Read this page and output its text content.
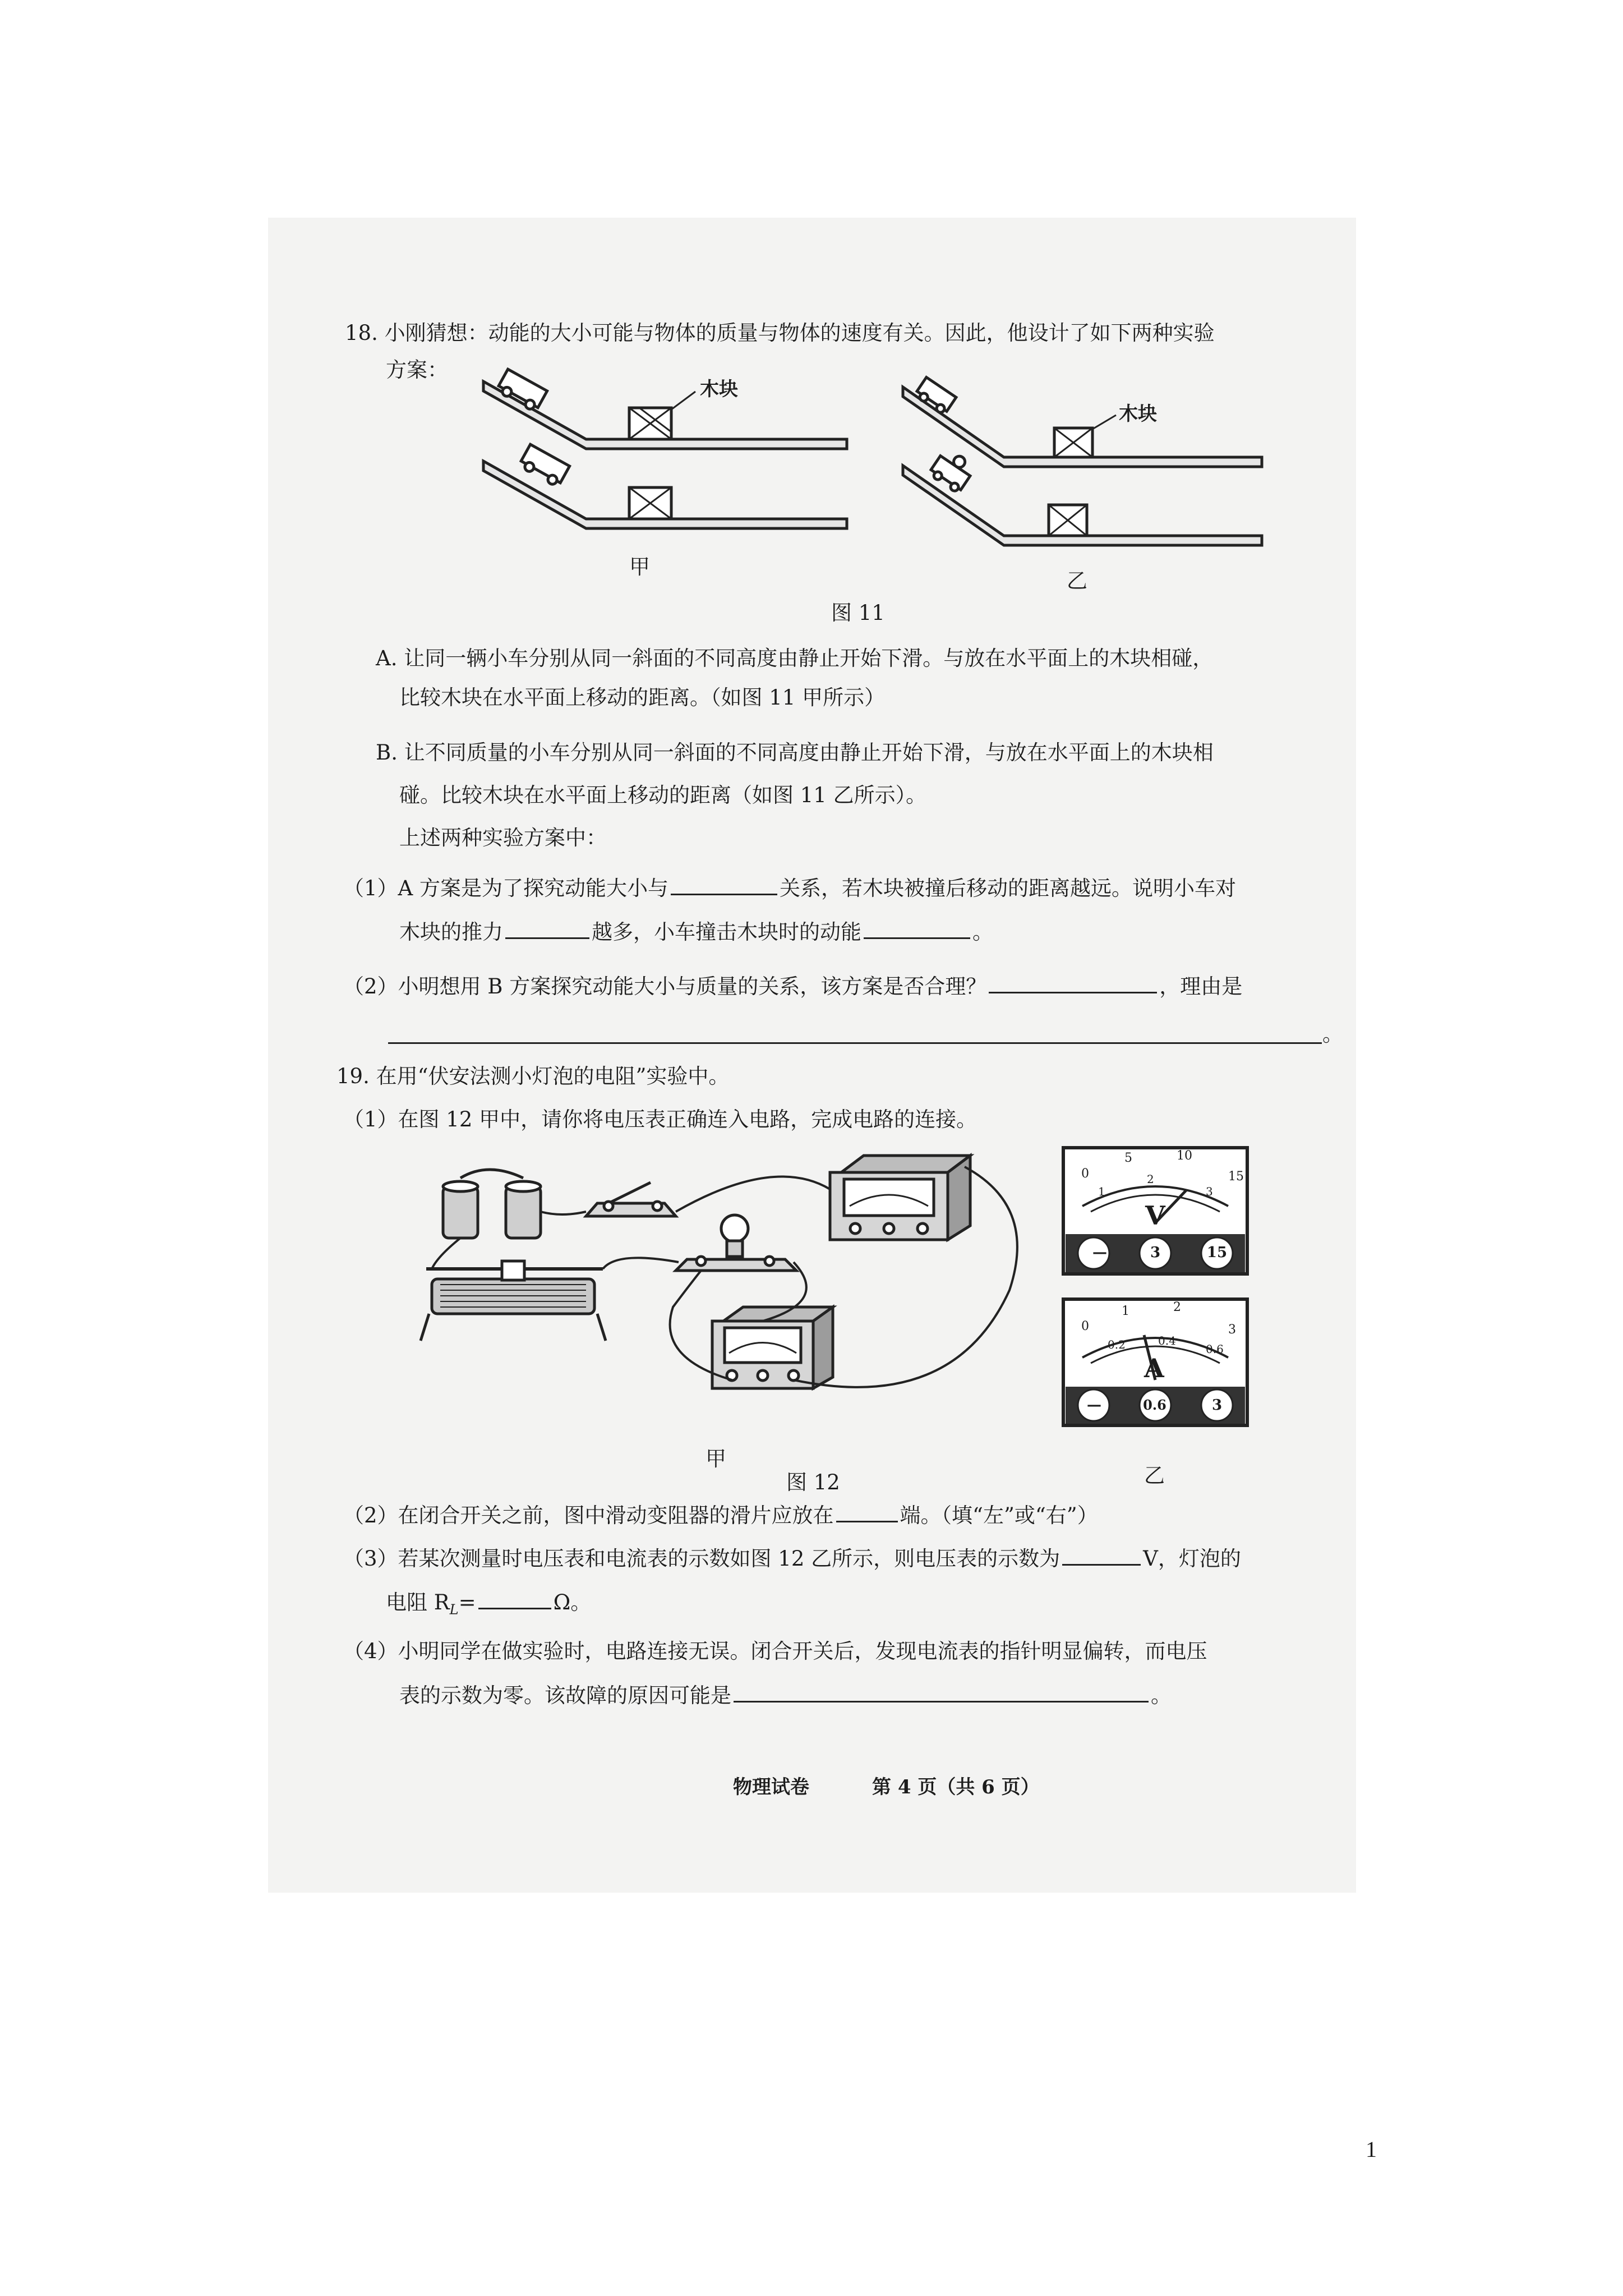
18. 小刚猜想：动能的大小可能与物体的质量与物体的速度有关。因此，他设计了如下两种实验
方案：
木块
木块
甲
乙
图 11
A. 让同一辆小车分别从同一斜面的不同高度由静止开始下滑。与放在水平面上的木块相碰，
比较木块在水平面上移动的距离。（如图 11 甲所示）
B. 让不同质量的小车分别从同一斜面的不同高度由静止开始下滑，与放在水平面上的木块相
碰。比较木块在水平面上移动的距离（如图 11 乙所示）。
上述两种实验方案中：
（1）A 方案是为了探究动能大小与	关系，若木块被撞后移动的距离越远。说明小车对
木块的推力	越多，小车撞击木块时的动能	。
（2）小明想用 B 方案探究动能大小与质量的关系，该方案是否合理？	，理由是
。
19. 在用“伏安法测小灯泡的电阻”实验中。
（1）在图 12 甲中，请你将电压表正确连入电路，完成电路的连接。
0
5	10
15
1
2
3
V
—	3	15
0
1	2
3
0.2	0.4
0.6
A
—	0.6	3
甲
乙
图 12
（2）在闭合开关之前，图中滑动变阻器的滑片应放在	端。（填“左”或“右”）
（3）若某次测量时电压表和电流表的示数如图 12 乙所示，则电压表的示数为	V，灯泡的
电阻 $R_L=$	Ω。
（4）小明同学在做实验时，电路连接无误。闭合开关后，发现电流表的指针明显偏转，而电压
表的示数为零。该故障的原因可能是	。
物理试卷	第 4 页（共 6 页）
1
